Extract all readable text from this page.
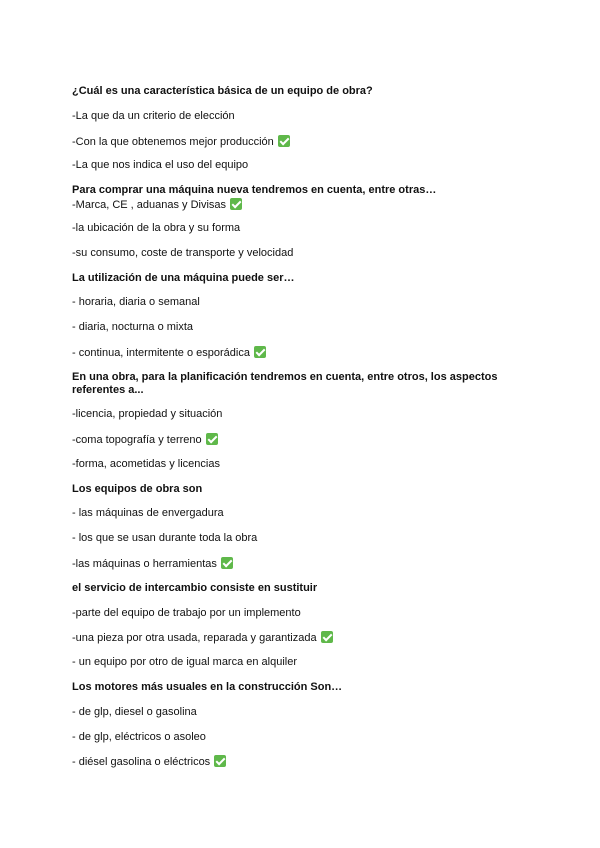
¿Cuál es una característica básica de un equipo de obra?
-La que da un criterio de elección
-Con la que obtenemos mejor producción
-La que nos indica el uso del equipo
Para comprar una máquina nueva tendremos en cuenta, entre otras…
-Marca, CE , aduanas y Divisas
-la ubicación de la obra y su forma
-su consumo, coste de transporte y velocidad
La utilización de una máquina puede ser…
- horaria, diaria o semanal
- diaria, nocturna o mixta
- continua, intermitente o esporádica
En una obra, para la planificación tendremos en cuenta, entre otros, los aspectos referentes a...
-licencia, propiedad y situación
-coma topografía y terreno
-forma, acometidas y licencias
Los equipos de obra son
- las máquinas de envergadura
- los que se usan durante toda la obra
-las máquinas o herramientas
el servicio de intercambio consiste en sustituir
-parte del equipo de trabajo por un implemento
-una pieza por otra usada, reparada y garantizada
- un equipo por otro de igual marca en alquiler
Los motores más usuales en la construcción Son…
- de glp, diesel o gasolina
- de glp, eléctricos o asoleo
- diésel gasolina o eléctricos
